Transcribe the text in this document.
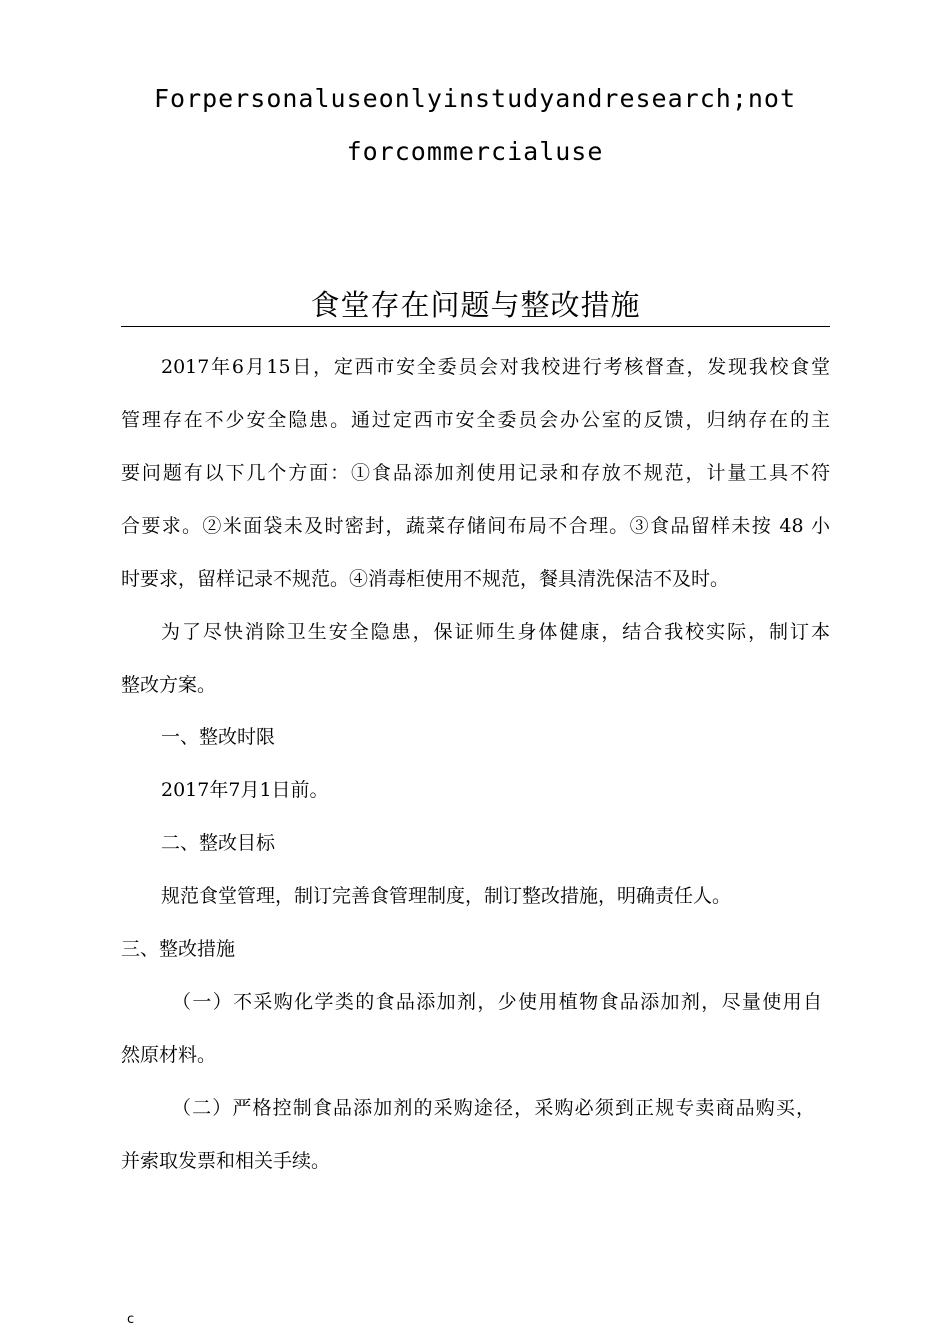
Forpersonaluseonlyinstudyandresearch;not
forcommercialuse
食堂存在问题与整改措施
2017年6月15日，定西市安全委员会对我校进行考核督查，发现我校食堂
管理存在不少安全隐患。通过定西市安全委员会办公室的反馈，归纳存在的主
要问题有以下几个方面：①食品添加剂使用记录和存放不规范，计量工具不符
合要求。②米面袋未及时密封，蔬菜存储间布局不合理。③食品留样未按 48 小
时要求，留样记录不规范。④消毒柜使用不规范，餐具清洗保洁不及时。
为了尽快消除卫生安全隐患，保证师生身体健康，结合我校实际，制订本
整改方案。
一、整改时限
2017年7月1日前。
二、整改目标
规范食堂管理，制订完善食管理制度，制订整改措施，明确责任人。
三、整改措施
（一）不采购化学类的食品添加剂，少使用植物食品添加剂，尽量使用自
然原材料。
（二）严格控制食品添加剂的采购途径，采购必须到正规专卖商品购买，
并索取发票和相关手续。
c
